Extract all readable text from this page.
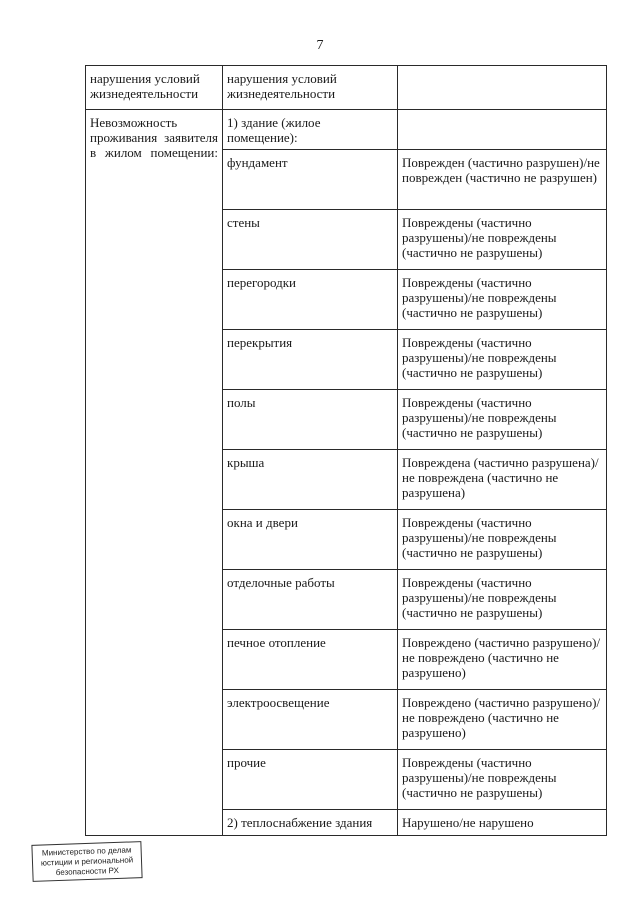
7
нарушения условий жизнедеятельности	нарушения условий жизнедеятельности	
Невозможность проживания заявителя в жилом помещении:	1) здание (жилое помещение):	
	фундамент	Поврежден (частично разрушен)/не поврежден (частично не разрушен)
	стены	Повреждены (частично разрушены)/не повреждены (частично не разрушены)
	перегородки	Повреждены (частично разрушены)/не повреждены (частично не разрушены)
	перекрытия	Повреждены (частично разрушены)/не повреждены (частично не разрушены)
	полы	Повреждены (частично разрушены)/не повреждены (частично не разрушены)
	крыша	Повреждена (частично разрушена)/не повреждена (частично не разрушена)
	окна и двери	Повреждены (частично разрушены)/не повреждены (частично не разрушены)
	отделочные работы	Повреждены (частично разрушены)/не повреждены (частично не разрушены)
	печное отопление	Повреждено (частично разрушено)/не повреждено (частично не разрушено)
	электроосвещение	Повреждено (частично разрушено)/не повреждено (частично не разрушено)
	прочие	Повреждены (частично разрушены)/не повреждены (частично не разрушены)
	2) теплоснабжение здания	Нарушено/не нарушено
Министерство по делам
юстиции и региональной
безопасности РХ
